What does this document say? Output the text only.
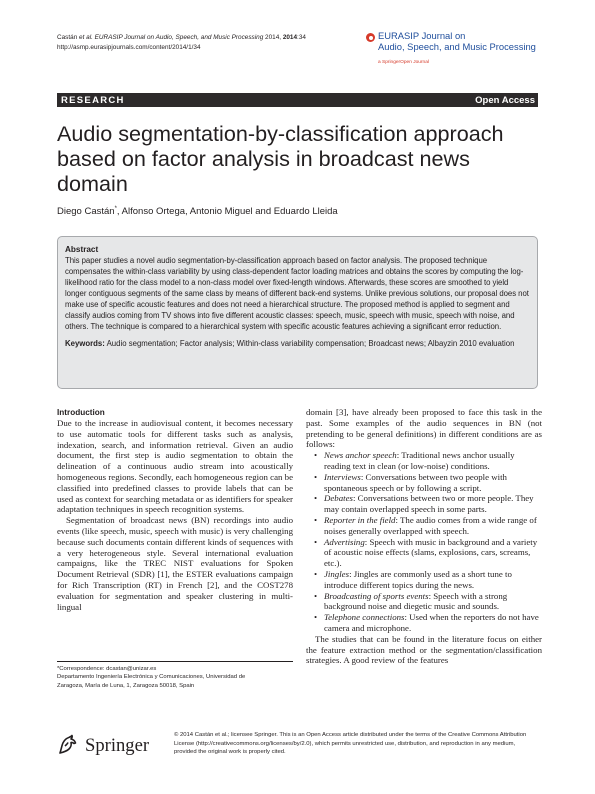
Castán et al. EURASIP Journal on Audio, Speech, and Music Processing 2014, 2014:34
http://asmp.eurasipjournals.com/content/2014/1/34
EURASIP Journal on
Audio, Speech, and Music Processing
a SpringerOpen Journal
RESEARCH	Open Access
Audio segmentation-by-classification approach based on factor analysis in broadcast news domain
Diego Castán*, Alfonso Ortega, Antonio Miguel and Eduardo Lleida
Abstract

This paper studies a novel audio segmentation-by-classification approach based on factor analysis. The proposed technique compensates the within-class variability by using class-dependent factor loading matrices and obtains the scores by computing the log-likelihood ratio for the class model to a non-class model over fixed-length windows. Afterwards, these scores are smoothed to yield longer contiguous segments of the same class by means of different back-end systems. Unlike previous solutions, our proposal does not make use of specific acoustic features and does not need a hierarchical structure. The proposed method is applied to segment and classify audios coming from TV shows into five different acoustic classes: speech, music, speech with music, speech with noise, and others. The technique is compared to a hierarchical system with specific acoustic features achieving a significant error reduction.

Keywords: Audio segmentation; Factor analysis; Within-class variability compensation; Broadcast news; Albayzin 2010 evaluation

Introduction

Due to the increase in audiovisual content, it becomes necessary to use automatic tools for different tasks such as analysis, indexation, search, and information retrieval. Given an audio document, the first step is audio segmentation to obtain the delineation of a continuous audio stream into acoustically homogeneous regions. Secondly, each homogeneous region can be classified into predefined classes to provide labels that can be used as context for searching metadata or as identifiers for speaker adaptation techniques in speech recognition systems.

Segmentation of broadcast news (BN) recordings into audio events (like speech, music, speech with music) is very challenging because such documents contain different kinds of sequences with a very heterogeneous style. Several international evaluation campaigns, like the TREC NIST evaluations for Spoken Document Retrieval (SDR) [1], the ESTER evaluations campaign for Rich Transcription (RT) in French [2], and the COST278 evaluation for segmentation and speaker clustering in multi-lingual

domain [3], have already been proposed to face this task in the past. Some examples of the audio sequences in BN (not pretending to be general definitions) in different conditions are as follows:

• News anchor speech: Traditional news anchor usually reading text in clean (or low-noise) conditions.
• Interviews: Conversations between two people with spontaneous speech or by following a script.
• Debates: Conversations between two or more people. They may contain overlapped speech in some parts.
• Reporter in the field: The audio comes from a wide range of noises generally overlapped with speech.
• Advertising: Speech with music in background and a variety of acoustic noise effects (slams, explosions, cars, screams, etc.).
• Jingles: Jingles are commonly used as a short tune to introduce different topics during the news.
• Broadcasting of sports events: Speech with a strong background noise and diegetic music and sounds.
• Telephone connections: Used when the reporters do not have camera and microphone.

The studies that can be found in the literature focus on either the feature extraction method or the segmentation/classification strategies. A good review of the features

*Correspondence: dcastan@unizar.es
Departamento Ingeniería Electrónica y Comunicaciones, Universidad de
Zaragoza, María de Luna, 1, Zaragoza 50018, Spain
Springer	© 2014 Castán et al.; licensee Springer. This is an Open Access article distributed under the terms of the Creative Commons Attribution License (http://creativecommons.org/licenses/by/2.0), which permits unrestricted use, distribution, and reproduction in any medium, provided the original work is properly cited.
